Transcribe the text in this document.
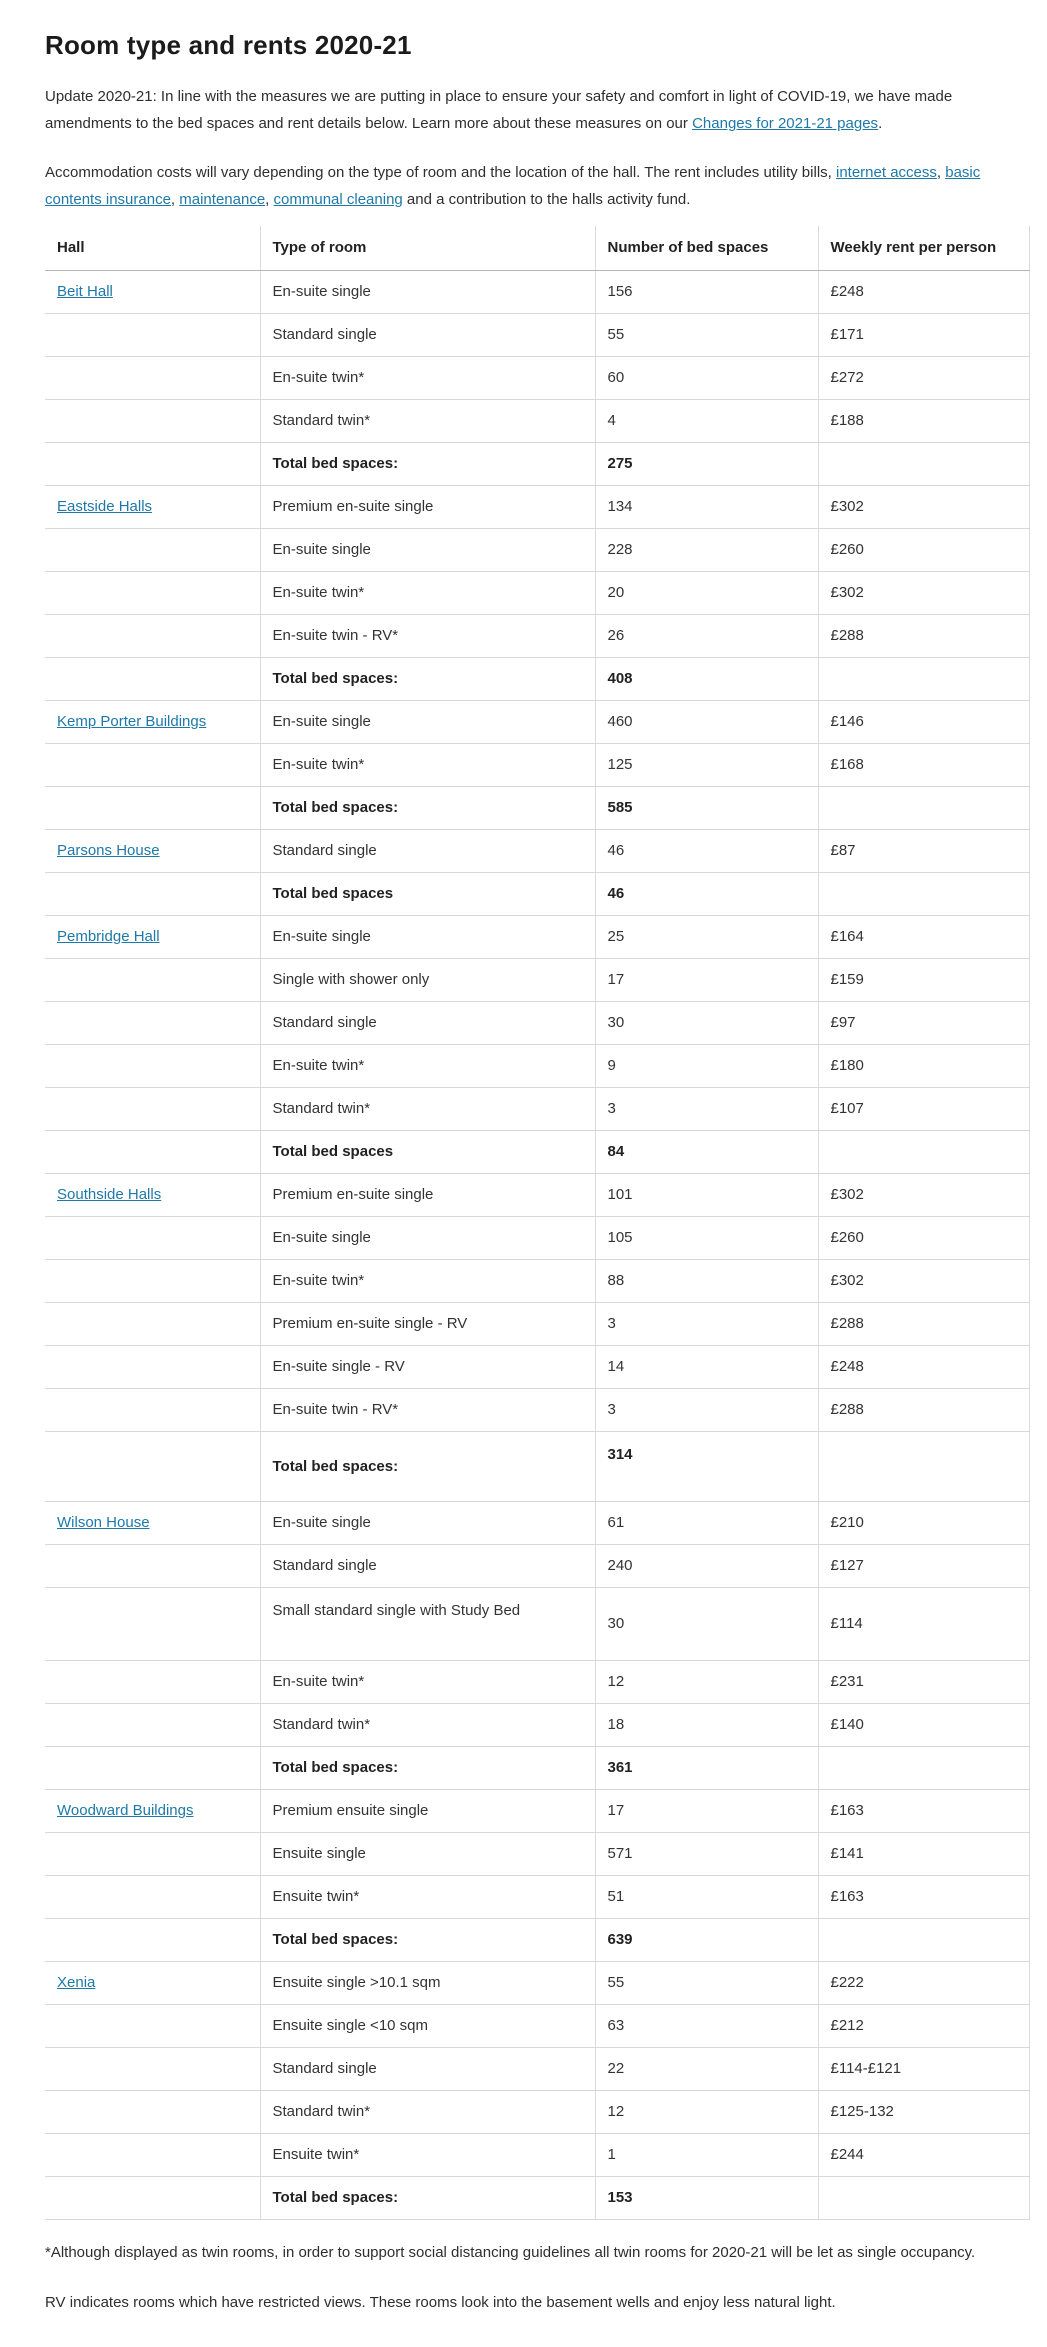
Room type and rents 2020-21

Update 2020-21: In line with the measures we are putting in place to ensure your safety and comfort in light of COVID-19, we have made amendments to the bed spaces and rent details below. Learn more about these measures on our Changes for 2021-21 pages.

Accommodation costs will vary depending on the type of room and the location of the hall. The rent includes utility bills, internet access, basic contents insurance, maintenance, communal cleaning and a contribution to the halls activity fund.

Hall	Type of room	Number of bed spaces	Weekly rent per person
Beit Hall	En-suite single	156	£248
	Standard single	55	£171
	En-suite twin*	60	£272
	Standard twin*	4	£188
	Total bed spaces:	275	
Eastside Halls	Premium en-suite single	134	£302
	En-suite single	228	£260
	En-suite twin*	20	£302
	En-suite twin - RV*	26	£288
	Total bed spaces:	408	
Kemp Porter Buildings	En-suite single	460	£146
	En-suite twin*	125	£168
	Total bed spaces:	585	
Parsons House	Standard single	46	£87
	Total bed spaces	46	
Pembridge Hall	En-suite single	25	£164
	Single with shower only	17	£159
	Standard single	30	£97
	En-suite twin*	9	£180
	Standard twin*	3	£107
	Total bed spaces	84	
Southside Halls	Premium en-suite single	101	£302
	En-suite single	105	£260
	En-suite twin*	88	£302
	Premium en-suite single - RV	3	£288
	En-suite single - RV	14	£248
	En-suite twin - RV*	3	£288
	Total bed spaces:	314	
Wilson House	En-suite single	61	£210
	Standard single	240	£127
	Small standard single with Study Bed	30	£114
	En-suite twin*	12	£231
	Standard twin*	18	£140
	Total bed spaces:	361	
Woodward Buildings	Premium ensuite single	17	£163
	Ensuite single	571	£141
	Ensuite twin*	51	£163
	Total bed spaces:	639	
Xenia	Ensuite single >10.1 sqm	55	£222
	Ensuite single <10 sqm	63	£212
	Standard single	22	£114-£121
	Standard twin*	12	£125-132
	Ensuite twin*	1	£244
	Total bed spaces:	153	

*Although displayed as twin rooms, in order to support social distancing guidelines all twin rooms for 2020-21 will be let as single occupancy.

RV indicates rooms which have restricted views. These rooms look into the basement wells and enjoy less natural light.
